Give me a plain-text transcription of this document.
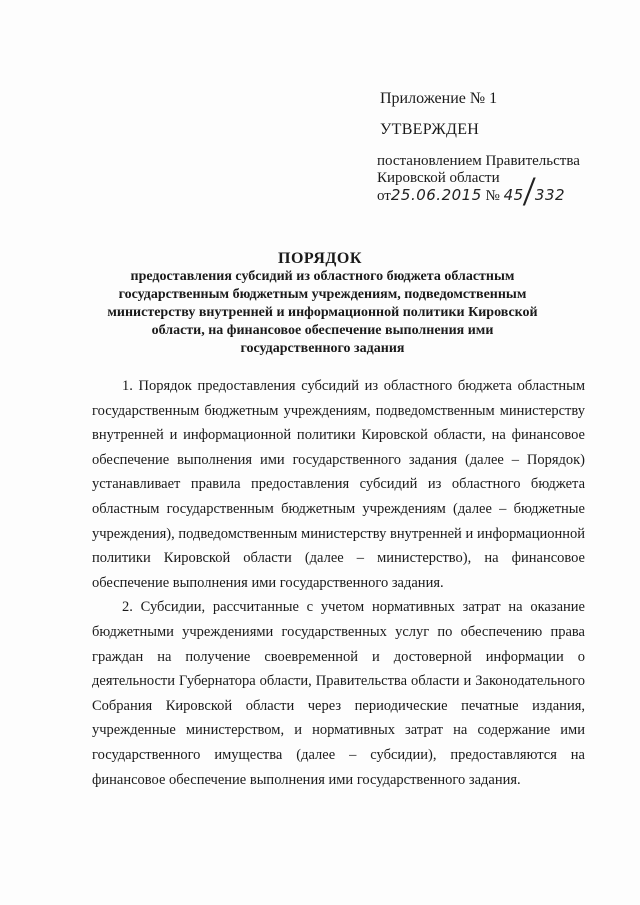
Приложение № 1
УТВЕРЖДЕН
постановлением Правительства
Кировской области
от25.06.2015 № 45/332
ПОРЯДОК
предоставления субсидий из областного бюджета областным государственным бюджетным учреждениям, подведомственным министерству внутренней и информационной политики Кировской области, на финансовое обеспечение выполнения ими государственного задания

1. Порядок предоставления субсидий из областного бюджета областным государственным бюджетным учреждениям, подведомственным министерству внутренней и информационной политики Кировской области, на финансовое обеспечение выполнения ими государственного задания (далее – Порядок) устанавливает правила предоставления субсидий из областного бюджета областным государственным бюджетным учреждениям (далее – бюджетные учреждения), подведомственным министерству внутренней и информационной политики Кировской области (далее – министерство), на финансовое обеспечение выполнения ими государственного задания.

2. Субсидии, рассчитанные с учетом нормативных затрат на оказание бюджетными учреждениями государственных услуг по обеспечению права граждан на получение своевременной и достоверной информации о деятельности Губернатора области, Правительства области и Законодательного Собрания Кировской области через периодические печатные издания, учрежденные министерством, и нормативных затрат на содержание ими государственного имущества (далее – субсидии), предоставляются на финансовое обеспечение выполнения ими государственного задания.
